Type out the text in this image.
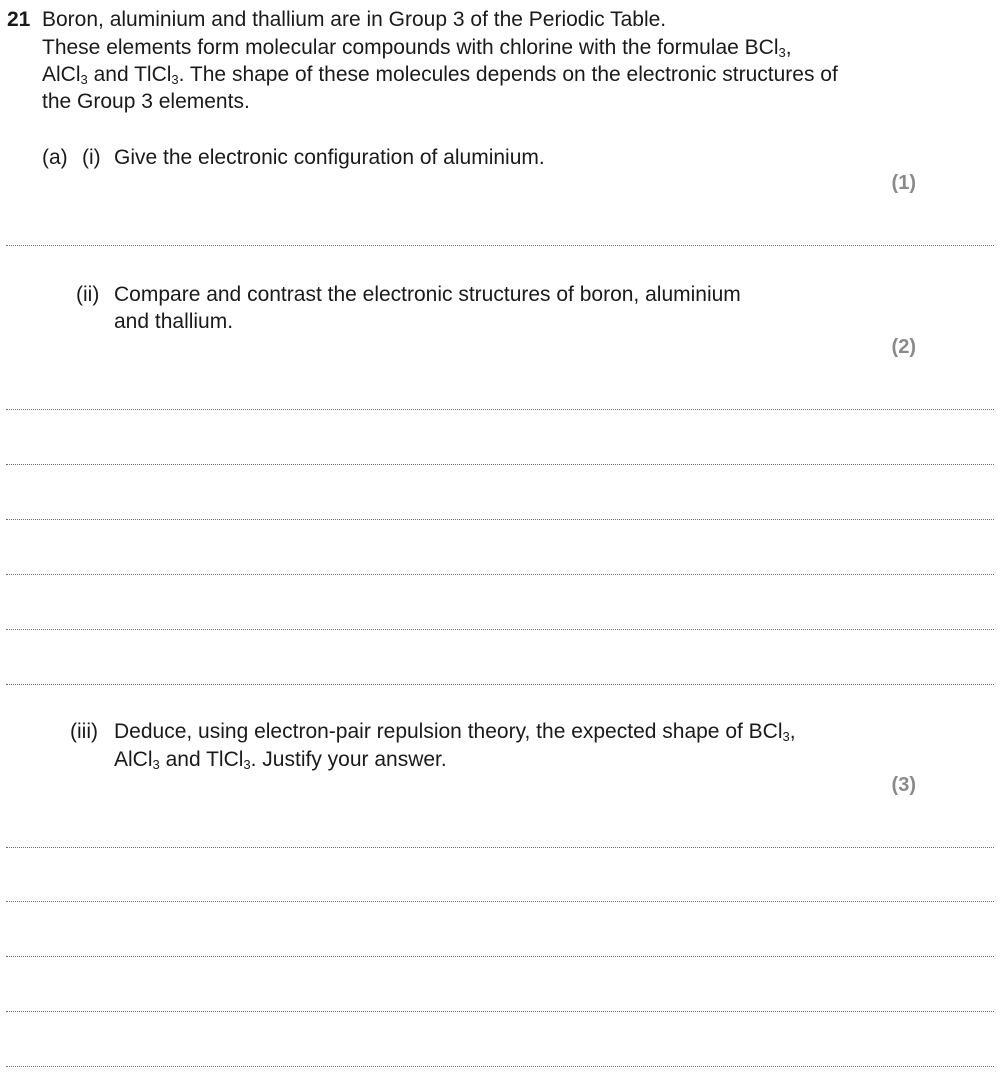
21 Boron, aluminium and thallium are in Group 3 of the Periodic Table.
These elements form molecular compounds with chlorine with the formulae BCl$_3$,
AlCl$_3$ and TlCl$_3$. The shape of these molecules depends on the electronic structures of
the Group 3 elements.
(a) (i) Give the electronic configuration of aluminium.
(1)
(ii) Compare and contrast the electronic structures of boron, aluminium
and thallium.
(2)
(iii) Deduce, using electron-pair repulsion theory, the expected shape of BCl$_3$,
AlCl$_3$ and TlCl$_3$. Justify your answer.
(3)
